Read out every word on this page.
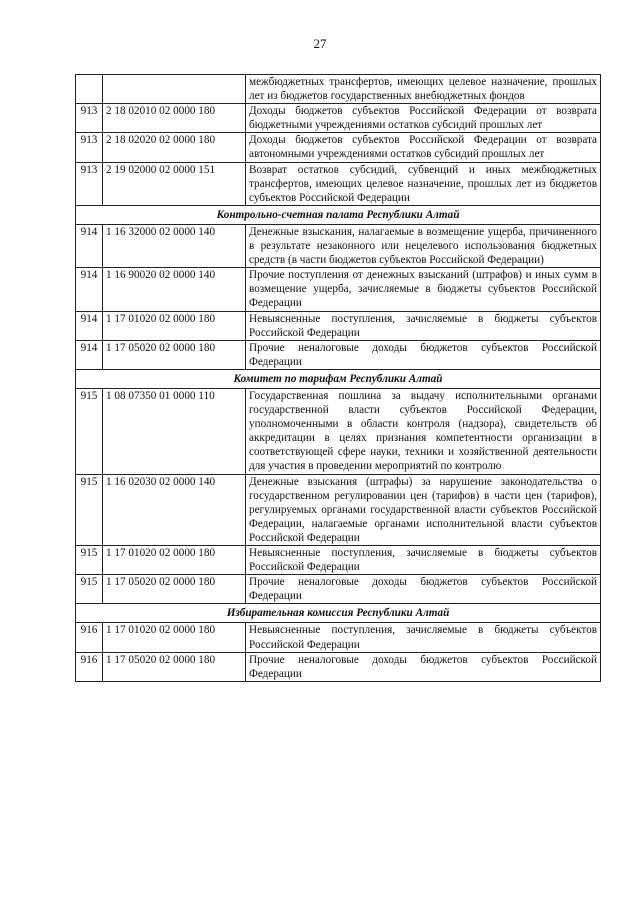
27
		межбюджетных трансфертов, имеющих целевое назначение, прошлых лет из бюджетов государственных внебюджетных фондов
913	2 18 02010 02 0000 180	Доходы бюджетов субъектов Российской Федерации от возврата бюджетными учреждениями остатков субсидий прошлых лет
913	2 18 02020 02 0000 180	Доходы бюджетов субъектов Российской Федерации от возврата автономными учреждениями остатков субсидий прошлых лет
913	2 19 02000 02 0000 151	Возврат остатков субсидий, субвенций и иных межбюджетных трансфертов, имеющих целевое назначение, прошлых лет из бюджетов субъектов Российской Федерации
Контрольно-счетная палата Республики Алтай		
914	1 16 32000 02 0000 140	Денежные взыскания, налагаемые в возмещение ущерба, причиненного в результате незаконного или нецелевого использования бюджетных средств (в части бюджетов субъектов Российской Федерации)
914	1 16 90020 02 0000 140	Прочие поступления от денежных взысканий (штрафов) и иных сумм в возмещение ущерба, зачисляемые в бюджеты субъектов Российской Федерации
914	1 17 01020 02 0000 180	Невыясненные поступления, зачисляемые в бюджеты субъектов Российской Федерации
914	1 17 05020 02 0000 180	Прочие неналоговые доходы бюджетов субъектов Российской Федерации
Комитет по тарифам Республики Алтай		
915	1 08 07350 01 0000 110	Государственная пошлина за выдачу исполнительными органами государственной власти субъектов Российской Федерации, уполномоченными в области контроля (надзора), свидетельств об аккредитации в целях признания компетентности организации в соответствующей сфере науки, техники и хозяйственной деятельности для участия в проведении мероприятий по контролю
915	1 16 02030 02 0000 140	Денежные взыскания (штрафы) за нарушение законодательства о государственном регулировании цен (тарифов) в части цен (тарифов), регулируемых органами государственной власти субъектов Российской Федерации, налагаемые органами исполнительной власти субъектов Российской Федерации
915	1 17 01020 02 0000 180	Невыясненные поступления, зачисляемые в бюджеты субъектов Российской Федерации
915	1 17 05020 02 0000 180	Прочие неналоговые доходы бюджетов субъектов Российской Федерации
Избирательная комиссия Республики Алтай		
916	1 17 01020 02 0000 180	Невыясненные поступления, зачисляемые в бюджеты субъектов Российской Федерации
916	1 17 05020 02 0000 180	Прочие неналоговые доходы бюджетов субъектов Российской Федерации
